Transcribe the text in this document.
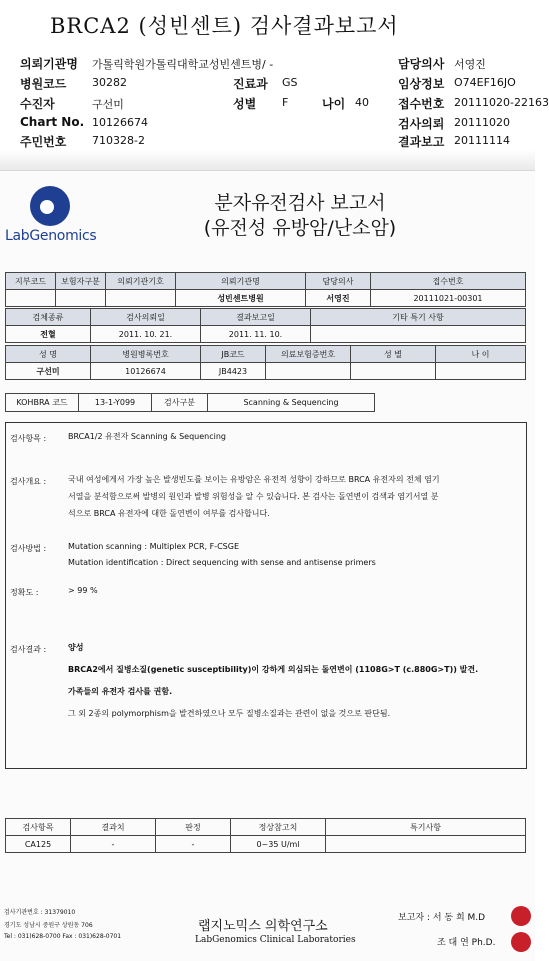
BRCA2 (성빈센트) 검사결과보고서
의뢰기관명 가톨릭학원가톨릭대학교성빈센트병/ -	담당의사 서영진
병원코드 30282	진료과 GS	임상정보 O74EF16JO
수진자	구선미	성별 F	나이 40 접수번호 20111020-22163
Chart No. 10126674	검사의뢰 20111020
주민번호 710328-2	결과보고 20111114
LabGenomics
분자유전검사 보고서
(유전성 유방암/난소암)
지부코드	보험자구분	의뢰기관기호	의뢰기관명	담당의사	접수번호
			성빈센트병원	서영진	20111021-00301
검체종류	검사의뢰일	결과보고일	기타 특기 사항
전혈	2011. 10. 21.	2011. 11. 10.	
성 명	병원병록번호	JB코드	의료보험증번호	성 별	나 이
구선미	10126674	JB4423			
KOHBRA 코드	13-1-Y099	검사구분	Scanning & Sequencing
검사항목 :	BRCA1/2 유전자 Scanning & Sequencing
검사개요 :	국내 여성에게서 가장 높은 발생빈도를 보이는 유방암은 유전적 성향이 강하므로 BRCA 유전자의 전체 염기
서열을 분석함으로써 발병의 원인과 발병 위험성을 알 수 있습니다. 본 검사는 돌연변이 검색과 염기서열 분
석으로 BRCA 유전자에 대한 돌연변이 여부를 검사합니다.
검사방법 :	Mutation scanning : Multiplex PCR, F-CSGE
Mutation identification : Direct sequencing with sense and antisense primers
정확도 :	> 99 %
검사결과 :	양성
BRCA2에서 질병소질(genetic susceptibility)이 강하게 의심되는 돌연변이 (1108G>T (c.880G>T)) 발견.
가족들의 유전자 검사를 권함.
그 외 2종의 polymorphism을 발견하였으나 모두 질병소질과는 관련이 없을 것으로 판단됨.
검사항목	결과치	판정	정상참고치	특기사항
CA125	-	-	0~35 U/ml	
검사기관번호 : 31379010
경기도 성남시 중원구 상원동 706
Tel : 031)628-0700 Fax : 031)628-0701
랩지노믹스 의학연구소
LabGenomics Clinical Laboratories
보고자 : 서 동 희 M.D
조 대 연 Ph.D.
